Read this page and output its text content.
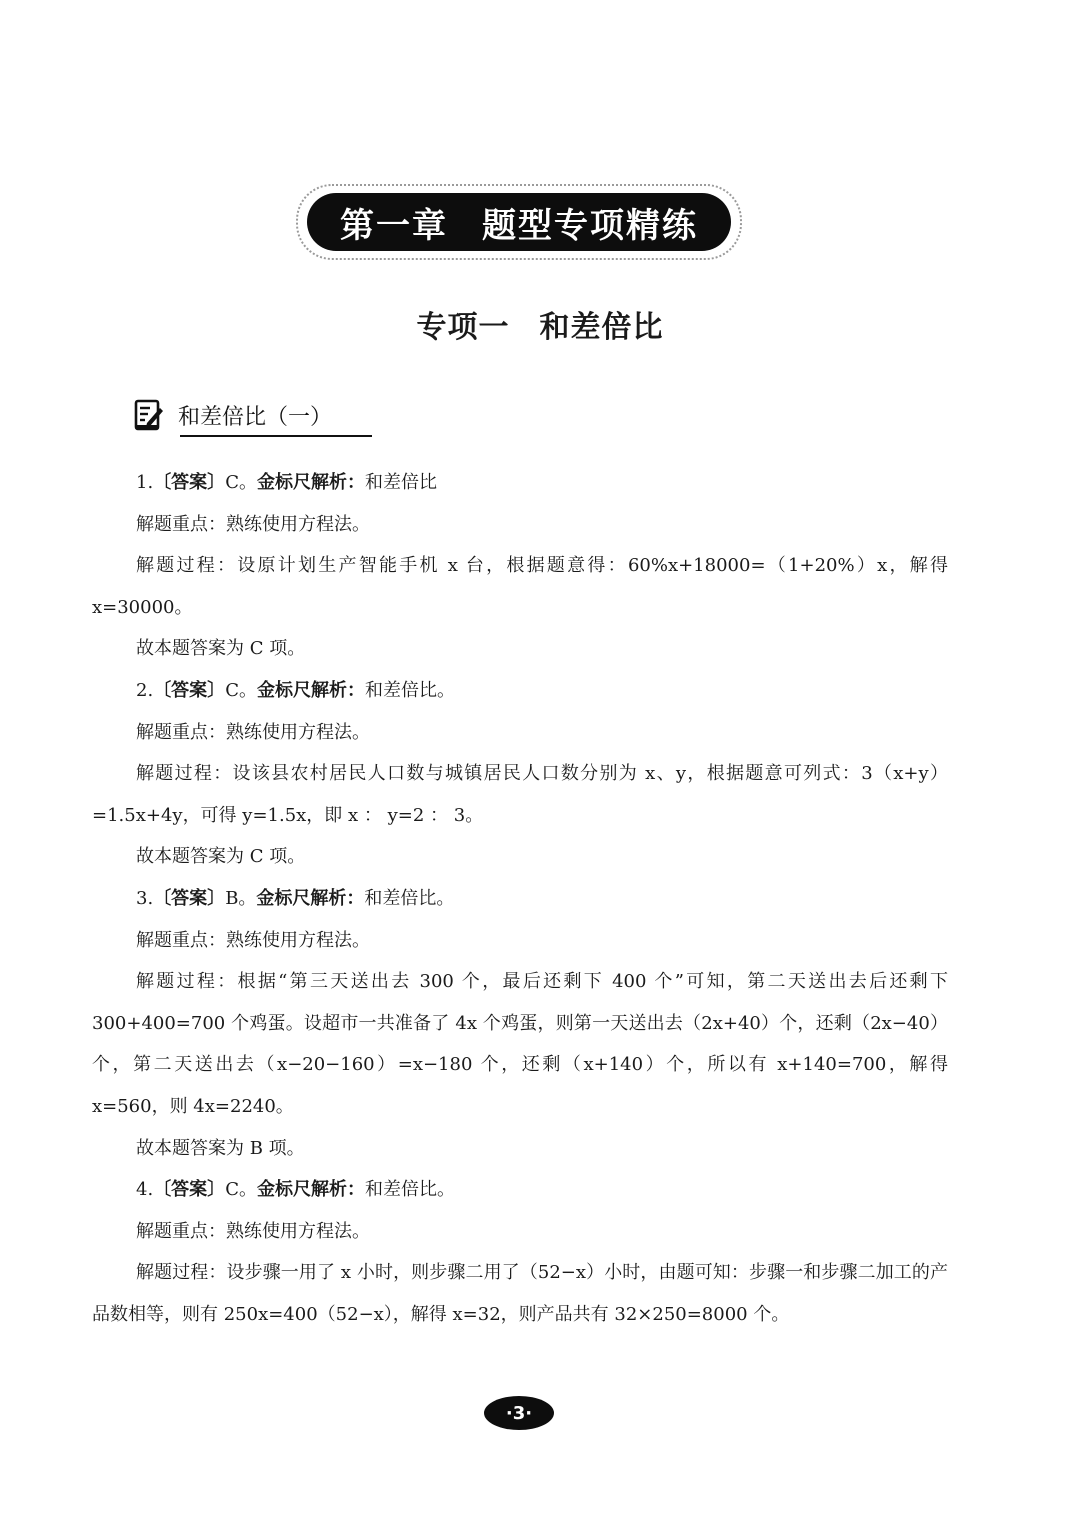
第一章 题型专项精练
专项一 和差倍比
和差倍比（一）

1.〔答案〕C。金标尺解析：和差倍比

解题重点：熟练使用方程法。

解题过程：设原计划生产智能手机 x 台，根据题意得：60%x+18000=（1+20%）x，解得 x=30000。

故本题答案为 C 项。

2.〔答案〕C。金标尺解析：和差倍比。

解题重点：熟练使用方程法。

解题过程：设该县农村居民人口数与城镇居民人口数分别为 x、y，根据题意可列式：3（x+y）=1.5x+4y，可得 y=1.5x，即 x ： y=2 ： 3。

故本题答案为 C 项。

3.〔答案〕B。金标尺解析：和差倍比。

解题重点：熟练使用方程法。

解题过程：根据“第三天送出去 300 个，最后还剩下 400 个”可知，第二天送出去后还剩下 300+400=700 个鸡蛋。设超市一共准备了 4x 个鸡蛋，则第一天送出去（2x+40）个，还剩（2x−40）个，第二天送出去（x−20−160）=x−180 个，还剩（x+140）个，所以有 x+140=700，解得 x=560，则 4x=2240。

故本题答案为 B 项。

4.〔答案〕C。金标尺解析：和差倍比。

解题重点：熟练使用方程法。

解题过程：设步骤一用了 x 小时，则步骤二用了（52−x）小时，由题可知：步骤一和步骤二加工的产品数相等，则有 250x=400（52−x），解得 x=32，则产品共有 32×250=8000 个。

·3·
